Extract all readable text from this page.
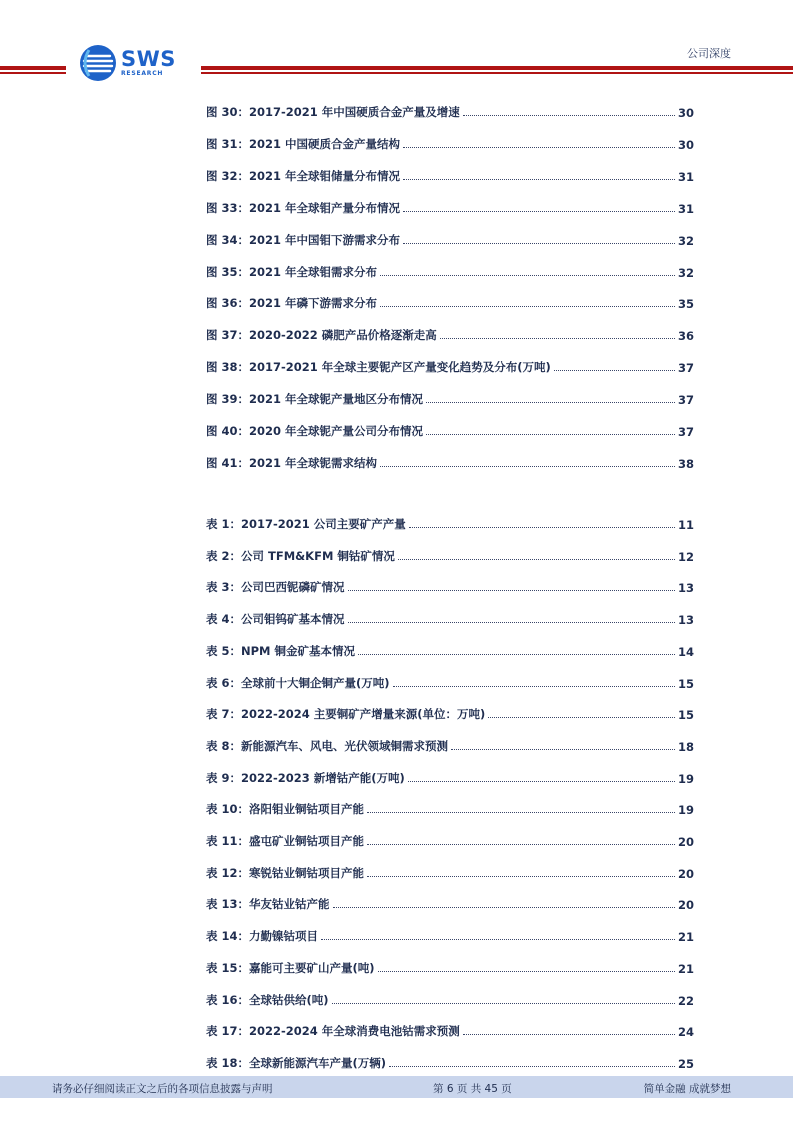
SWS
RESEARCH
公司深度
图 30：2017-2021 年中国硬质合金产量及增速	30
图 31：2021 中国硬质合金产量结构	30
图 32：2021 年全球钼储量分布情况	31
图 33：2021 年全球钼产量分布情况	31
图 34：2021 年中国钼下游需求分布	32
图 35：2021 年全球钼需求分布	32
图 36：2021 年磷下游需求分布	35
图 37：2020-2022 磷肥产品价格逐渐走高	36
图 38：2017-2021 年全球主要铌产区产量变化趋势及分布(万吨)	37
图 39：2021 年全球铌产量地区分布情况	37
图 40：2020 年全球铌产量公司分布情况	37
图 41：2021 年全球铌需求结构	38
表 1：2017-2021 公司主要矿产产量	11
表 2：公司 TFM&KFM 铜钴矿情况	12
表 3：公司巴西铌磷矿情况	13
表 4：公司钼钨矿基本情况	13
表 5：NPM 铜金矿基本情况	14
表 6：全球前十大铜企铜产量(万吨)	15
表 7：2022-2024 主要铜矿产增量来源(单位：万吨)	15
表 8：新能源汽车、风电、光伏领域铜需求预测	18
表 9：2022-2023 新增钴产能(万吨)	19
表 10：洛阳钼业铜钴项目产能	19
表 11：盛屯矿业铜钴项目产能	20
表 12：寒锐钴业铜钴项目产能	20
表 13：华友钴业钴产能	20
表 14：力勤镍钴项目	21
表 15：嘉能可主要矿山产量(吨)	21
表 16：全球钴供给(吨)	22
表 17：2022-2024 年全球消费电池钴需求预测	24
表 18：全球新能源汽车产量(万辆)	25
请务必仔细阅读正文之后的各项信息披露与声明	第 6 页 共 45 页	简单金融 成就梦想
